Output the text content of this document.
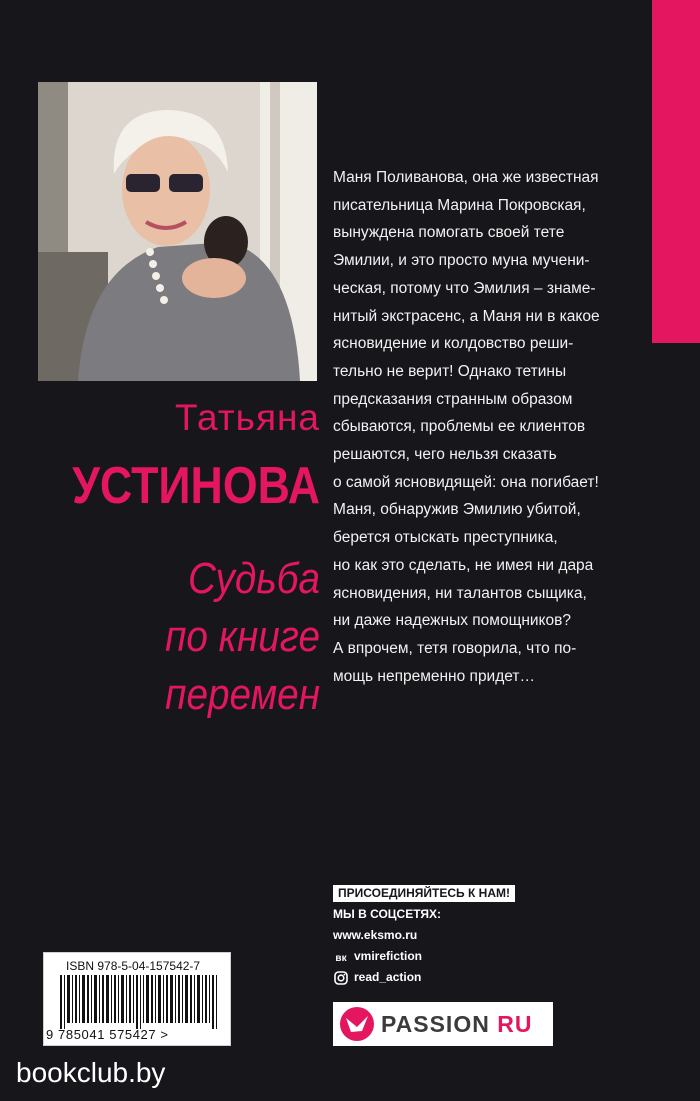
Татьяна
УСТИНОВА
Судьба
по книге
перемен
Маня Поливанова, она же известная
писательница Марина Покровская,
вынуждена помогать своей тете
Эмилии, и это просто муна мучени-
ческая, потому что Эмилия – знаме-
нитый экстрасенс, а Маня ни в какое
ясновидение и колдовство реши-
тельно не верит! Однако тетины
предсказания странным образом
сбываются, проблемы ее клиентов
решаются, чего нельзя сказать
о самой ясновидящей: она погибает!
Маня, обнаружив Эмилию убитой,
берется отыскать преступника,
но как это сделать, не имея ни дара
ясновидения, ни талантов сыщика,
ни даже надежных помощников?
А впрочем, тетя говорила, что по-
мощь непременно придет…
ПРИСОЕДИНЯЙТЕСЬ К НАМ!
МЫ В СОЦСЕТЯХ:
www.eksmo.ru
вк vmirefiction
read_action
PASSION RU
ISBN 978-5-04-157542-7
9 785041 575427 >
bookclub.by
